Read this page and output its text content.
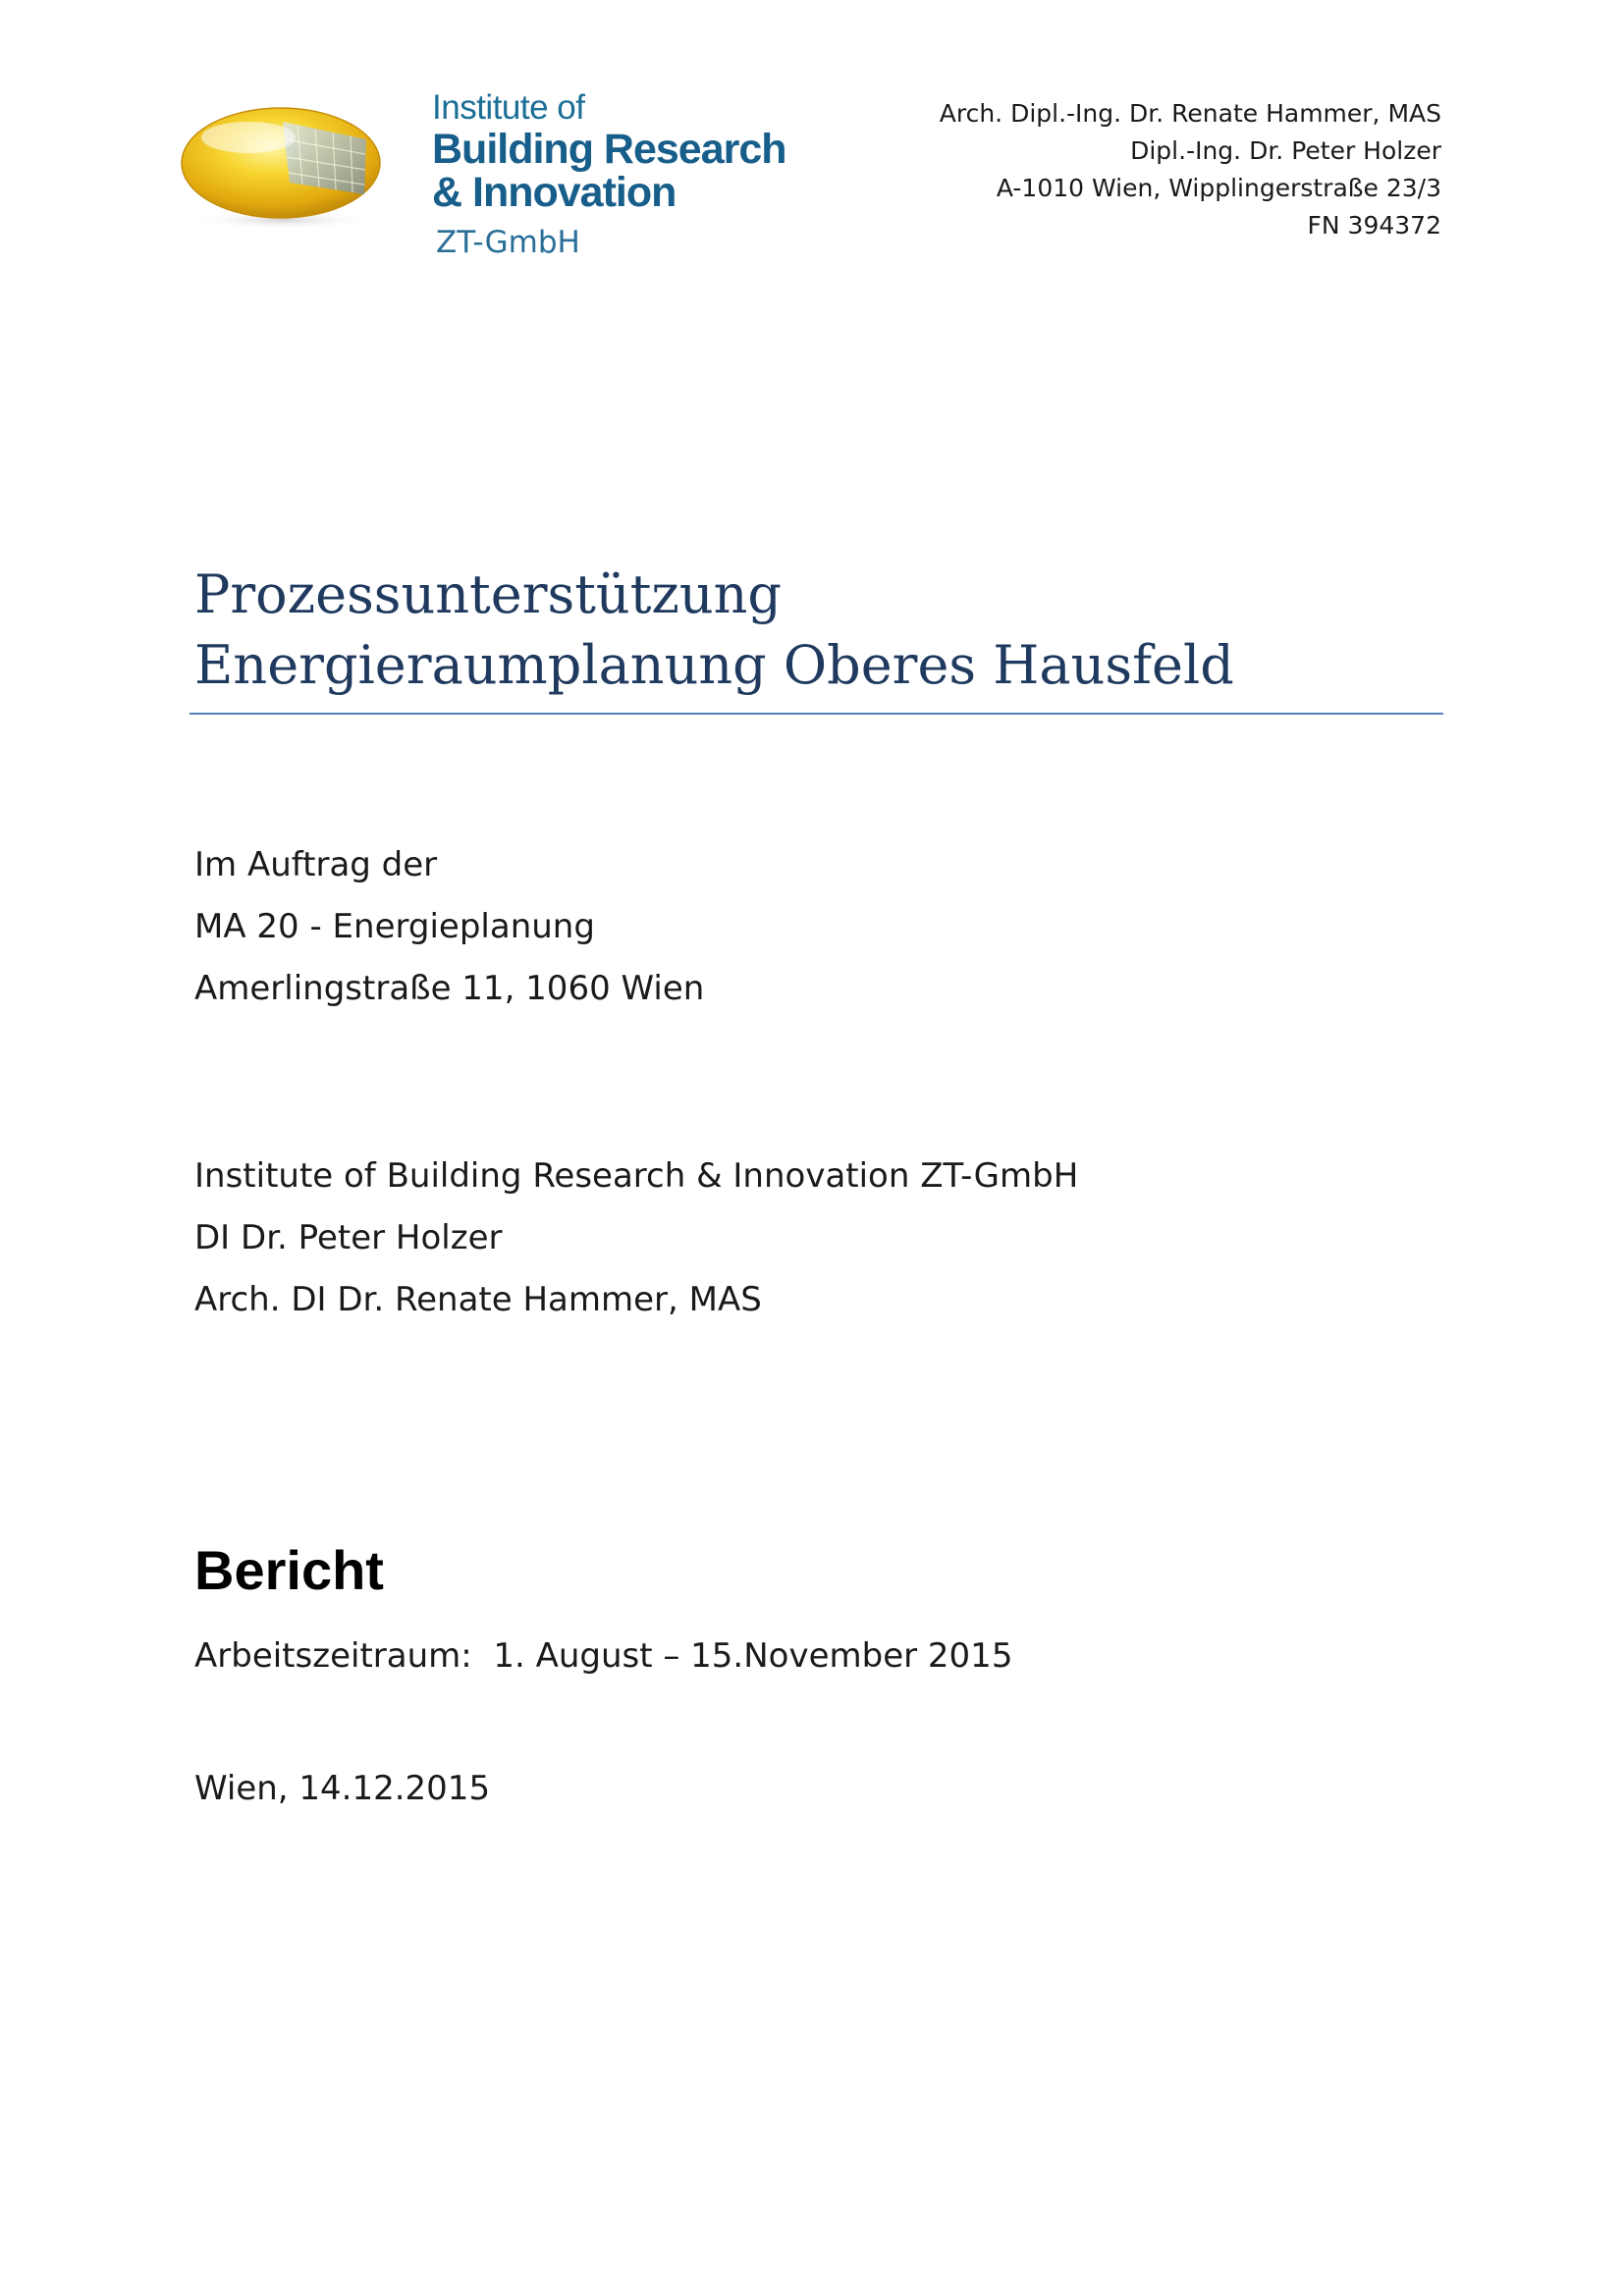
Institute of
Building Research
& Innovation
ZT-GmbH
Arch. Dipl.-Ing. Dr. Renate Hammer, MAS
Dipl.-Ing. Dr. Peter Holzer
A-1010 Wien, Wipplingerstraße 23/3
FN 394372
Prozessunterstützung
Energieraumplanung Oberes Hausfeld
Im Auftrag der
MA 20 - Energieplanung
Amerlingstraße 11, 1060 Wien
Institute of Building Research & Innovation ZT-GmbH
DI Dr. Peter Holzer
Arch. DI Dr. Renate Hammer, MAS
Bericht
Arbeitszeitraum:  1. August – 15.November 2015
Wien, 14.12.2015
